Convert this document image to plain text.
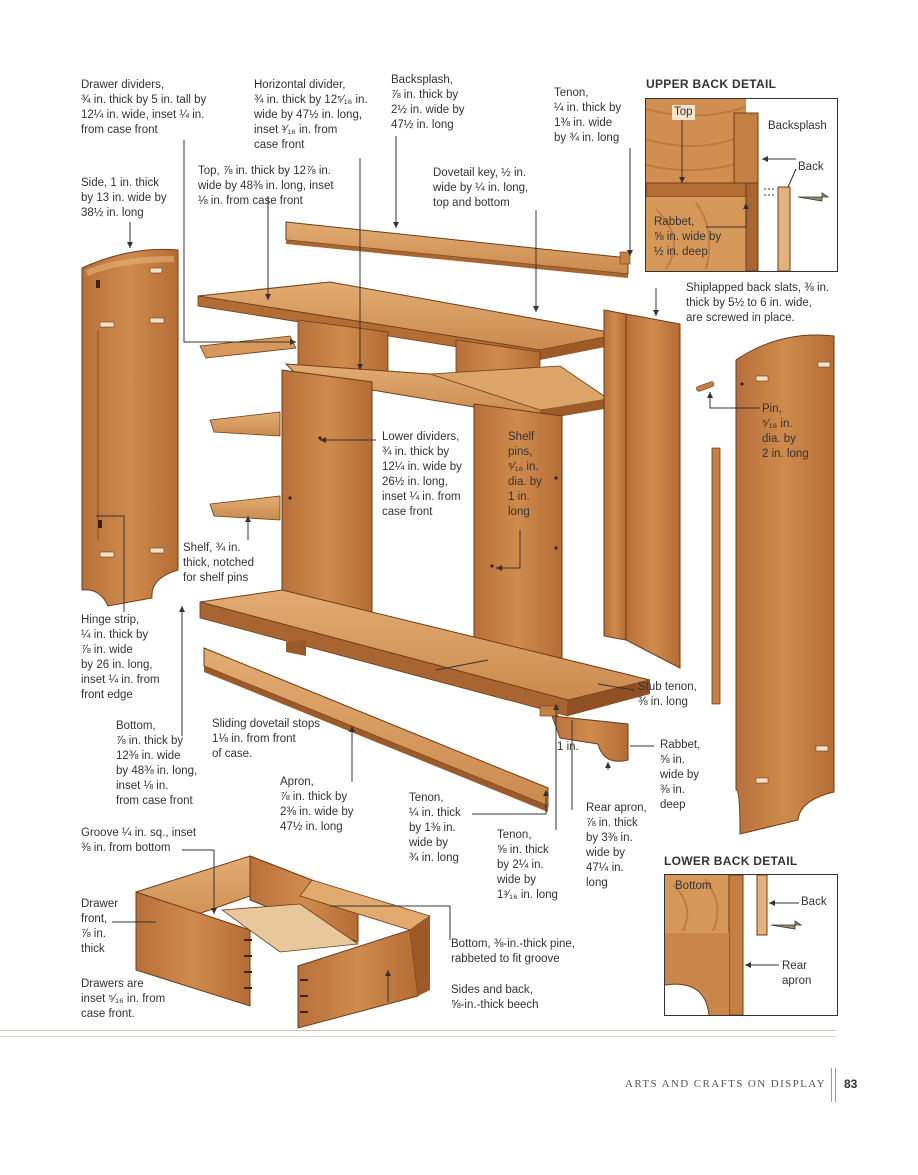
Drawer dividers,
¾ in. thick by 5 in. tall by
12¼ in. wide, inset ¼ in.
from case front
Horizontal divider,
¾ in. thick by 12⁵⁄₁₆ in.
wide by 47½ in. long,
inset ³⁄₁₆ in. from
case front
Backsplash,
⅞ in. thick by
2½ in. wide by
47½ in. long
Tenon,
¼ in. thick by
1⅜ in. wide
by ¾ in. long
Side, 1 in. thick
by 13 in. wide by
38½ in. long
Top, ⅞ in. thick by 12⅞ in.
wide by 48⅜ in. long, inset
⅛ in. from case front
Dovetail key, ½ in.
wide by ¼ in. long,
top and bottom
Shiplapped back slats, ⅜ in.
thick by 5½ to 6 in. wide,
are screwed in place.
Pin,
⁵⁄₁₆ in.
dia. by
2 in. long
Lower dividers,
¾ in. thick by
12¼ in. wide by
26½ in. long,
inset ¼ in. from
case front
Shelf
pins,
⁵⁄₁₆ in.
dia. by
1 in.
long
Shelf, ¾ in.
thick, notched
for shelf pins
Hinge strip,
¼ in. thick by
⅞ in. wide
by 26 in. long,
inset ¼ in. from
front edge
Bottom,
⅞ in. thick by
12⅜ in. wide
by 48⅜ in. long,
inset ⅛ in.
from case front
Sliding dovetail stops
1⅛ in. from front
of case.
Stub tenon,
⅜ in. long
1 in.	Rabbet,
⅝ in.
wide by
⅜ in.
deep
Apron,
⅞ in. thick by
2⅜ in. wide by
47½ in. long
Tenon,
¼ in. thick
by 1⅜ in.
wide by
¾ in. long
Tenon,
⅝ in. thick
by 2¼ in.
wide by
1³⁄₁₆ in. long
Rear apron,
⅞ in. thick
by 3⅜ in.
wide by
47¼ in.
long
Groove ¼ in. sq., inset
⅜ in. from bottom
Drawer
front,
⅞ in.
thick
Drawers are
inset ⁵⁄₁₆ in. from
case front.
Bottom, ⅜-in.-thick pine,
rabbeted to fit groove
Sides and back,
⅝-in.-thick beech
UPPER BACK DETAIL
Top
Backsplash
Back
Rabbet,
⅝ in. wide by
½ in. deep
LOWER BACK DETAIL
Bottom
Back
Rear
apron
ARTS AND CRAFTS ON DISPLAY 83
